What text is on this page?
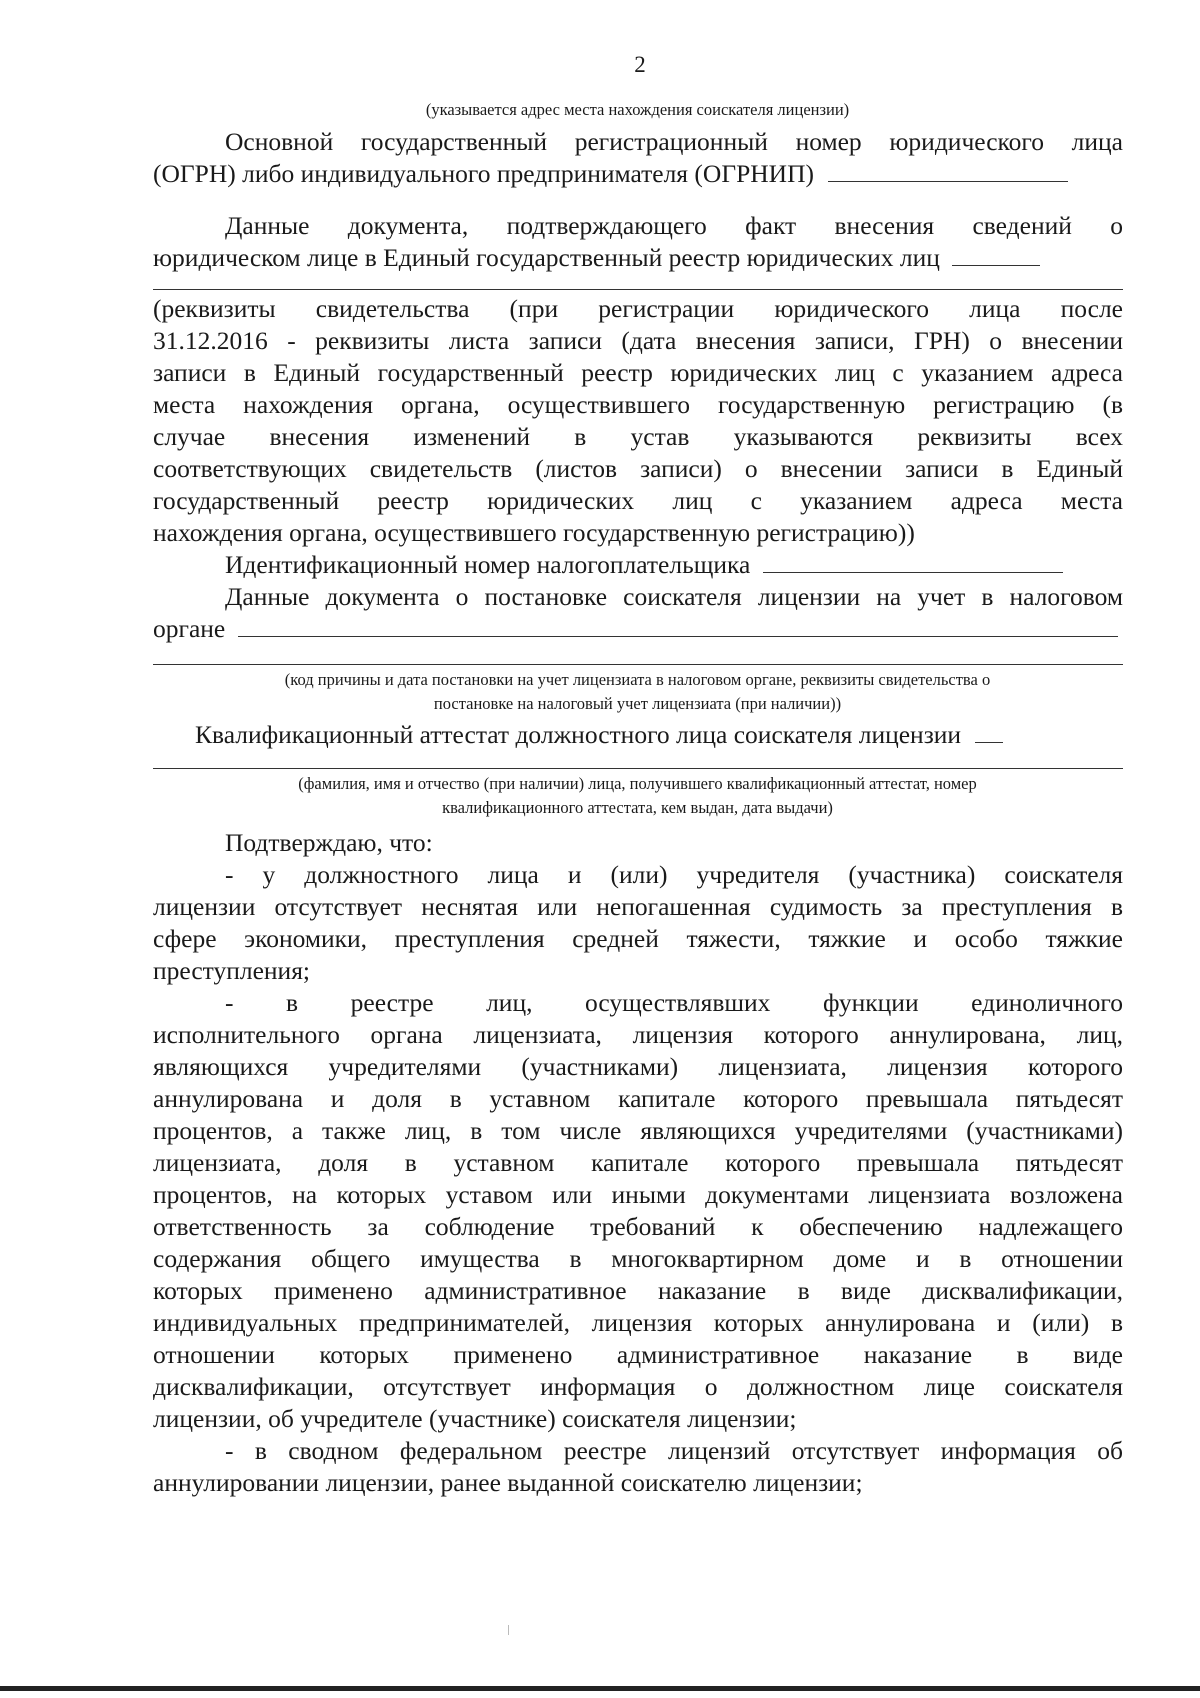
2
(указывается адрес места нахождения соискателя лицензии)
Основной государственный регистрационный номер юридического лица
(ОГРН) либо индивидуального предпринимателя (ОГРНИП)
Данные документа, подтверждающего факт внесения сведений о
юридическом лице в Единый государственный реестр юридических лиц
(реквизиты свидетельства (при регистрации юридического лица после
31.12.2016 - реквизиты листа записи (дата внесения записи, ГРН) о внесении
записи в Единый государственный реестр юридических лиц с указанием адреса
места нахождения органа, осуществившего государственную регистрацию (в
случае внесения изменений в устав указываются реквизиты всех
соответствующих свидетельств (листов записи) о внесении записи в Единый
государственный реестр юридических лиц с указанием адреса места
нахождения органа, осуществившего государственную регистрацию))
Идентификационный номер налогоплательщика
Данные документа о постановке соискателя лицензии на учет в налоговом
органе
(код причины и дата постановки на учет лицензиата в налоговом органе, реквизиты свидетельства о
постановке на налоговый учет лицензиата (при наличии))
Квалификационный аттестат должностного лица соискателя лицензии
(фамилия, имя и отчество (при наличии) лица, получившего квалификационный аттестат, номер
квалификационного аттестата, кем выдан, дата выдачи)
Подтверждаю, что:
- у должностного лица и (или) учредителя (участника) соискателя
лицензии отсутствует неснятая или непогашенная судимость за преступления в
сфере экономики, преступления средней тяжести, тяжкие и особо тяжкие
преступления;
- в реестре лиц, осуществлявших функции единоличного
исполнительного органа лицензиата, лицензия которого аннулирована, лиц,
являющихся учредителями (участниками) лицензиата, лицензия которого
аннулирована и доля в уставном капитале которого превышала пятьдесят
процентов, а также лиц, в том числе являющихся учредителями (участниками)
лицензиата, доля в уставном капитале которого превышала пятьдесят
процентов, на которых уставом или иными документами лицензиата возложена
ответственность за соблюдение требований к обеспечению надлежащего
содержания общего имущества в многоквартирном доме и в отношении
которых применено административное наказание в виде дисквалификации,
индивидуальных предпринимателей, лицензия которых аннулирована и (или) в
отношении которых применено административное наказание в виде
дисквалификации, отсутствует информация о должностном лице соискателя
лицензии, об учредителе (участнике) соискателя лицензии;
- в сводном федеральном реестре лицензий отсутствует информация об
аннулировании лицензии, ранее выданной соискателю лицензии;
